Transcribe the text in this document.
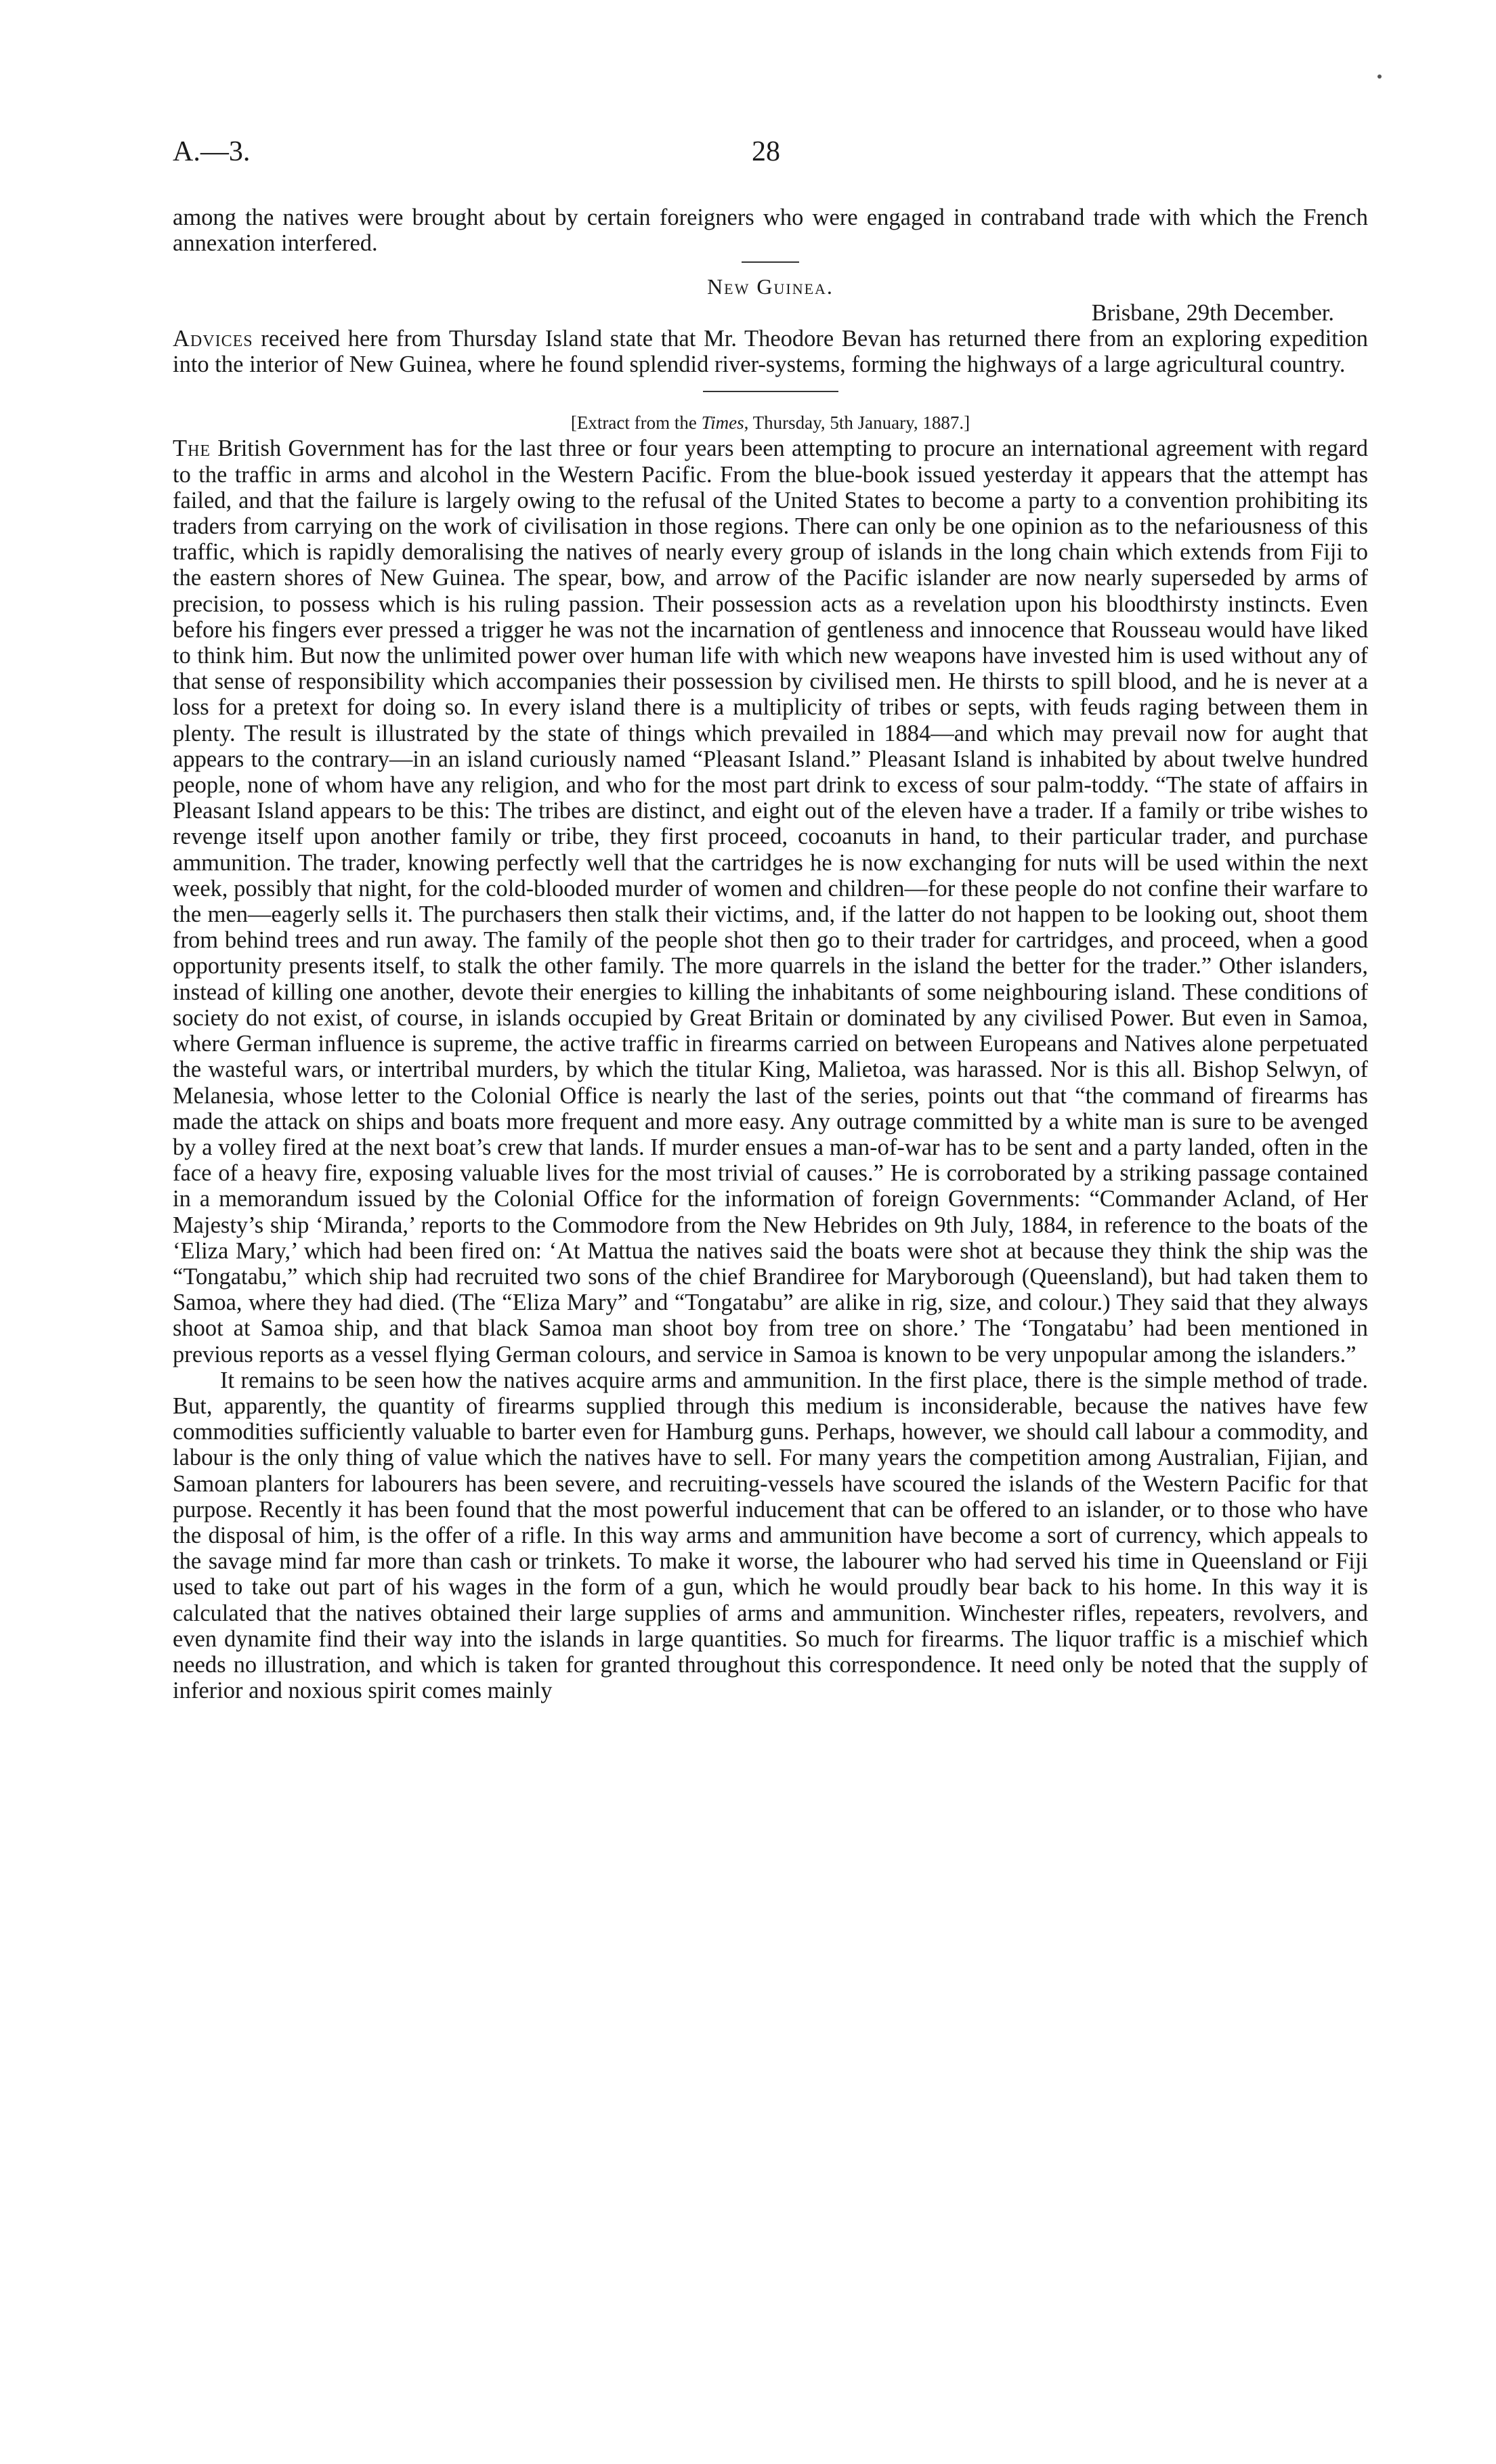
A.—3.	28

among the natives were brought about by certain foreigners who were engaged in contraband trade with which the French annexation interfered.

New Guinea.

Brisbane, 29th December.

Advices received here from Thursday Island state that Mr. Theodore Bevan has returned there from an exploring expedition into the interior of New Guinea, where he found splendid river-systems, forming the highways of a large agricultural country.

[Extract from the Times, Thursday, 5th January, 1887.]

The British Government has for the last three or four years been attempting to procure an international agreement with regard to the traffic in arms and alcohol in the Western Pacific. From the blue-book issued yesterday it appears that the attempt has failed, and that the failure is largely owing to the refusal of the United States to become a party to a convention prohibiting its traders from carrying on the work of civilisation in those regions. There can only be one opinion as to the nefariousness of this traffic, which is rapidly demoralising the natives of nearly every group of islands in the long chain which extends from Fiji to the eastern shores of New Guinea. The spear, bow, and arrow of the Pacific islander are now nearly superseded by arms of precision, to possess which is his ruling passion. Their possession acts as a revelation upon his bloodthirsty instincts. Even before his fingers ever pressed a trigger he was not the incarnation of gentleness and innocence that Rousseau would have liked to think him. But now the unlimited power over human life with which new weapons have invested him is used without any of that sense of responsibility which accompanies their possession by civilised men. He thirsts to spill blood, and he is never at a loss for a pretext for doing so. In every island there is a multiplicity of tribes or septs, with feuds raging between them in plenty. The result is illustrated by the state of things which prevailed in 1884—and which may prevail now for aught that appears to the contrary—in an island curiously named “Pleasant Island.” Pleasant Island is inhabited by about twelve hundred people, none of whom have any religion, and who for the most part drink to excess of sour palm-toddy. “The state of affairs in Pleasant Island appears to be this: The tribes are distinct, and eight out of the eleven have a trader. If a family or tribe wishes to revenge itself upon another family or tribe, they first proceed, cocoanuts in hand, to their particular trader, and purchase ammunition. The trader, knowing perfectly well that the cartridges he is now exchanging for nuts will be used within the next week, possibly that night, for the cold-blooded murder of women and children—for these people do not confine their warfare to the men—eagerly sells it. The purchasers then stalk their victims, and, if the latter do not happen to be looking out, shoot them from behind trees and run away. The family of the people shot then go to their trader for cartridges, and proceed, when a good opportunity presents itself, to stalk the other family. The more quarrels in the island the better for the trader.” Other islanders, instead of killing one another, devote their energies to killing the inhabitants of some neighbouring island. These conditions of society do not exist, of course, in islands occupied by Great Britain or dominated by any civilised Power. But even in Samoa, where German influence is supreme, the active traffic in firearms carried on between Europeans and Natives alone perpetuated the wasteful wars, or intertribal murders, by which the titular King, Malietoa, was harassed. Nor is this all. Bishop Selwyn, of Melanesia, whose letter to the Colonial Office is nearly the last of the series, points out that “the command of firearms has made the attack on ships and boats more frequent and more easy. Any outrage committed by a white man is sure to be avenged by a volley fired at the next boat’s crew that lands. If murder ensues a man-of-war has to be sent and a party landed, often in the face of a heavy fire, exposing valuable lives for the most trivial of causes.” He is corroborated by a striking passage contained in a memorandum issued by the Colonial Office for the information of foreign Governments: “Commander Acland, of Her Majesty’s ship ‘Miranda,’ reports to the Commodore from the New Hebrides on 9th July, 1884, in reference to the boats of the ‘Eliza Mary,’ which had been fired on: ‘At Mattua the natives said the boats were shot at because they think the ship was the “Tongatabu,” which ship had recruited two sons of the chief Brandiree for Maryborough (Queensland), but had taken them to Samoa, where they had died. (The “Eliza Mary” and “Tongatabu” are alike in rig, size, and colour.) They said that they always shoot at Samoa ship, and that black Samoa man shoot boy from tree on shore.’ The ‘Tongatabu’ had been mentioned in previous reports as a vessel flying German colours, and service in Samoa is known to be very unpopular among the islanders.”

It remains to be seen how the natives acquire arms and ammunition. In the first place, there is the simple method of trade. But, apparently, the quantity of firearms supplied through this medium is inconsiderable, because the natives have few commodities sufficiently valuable to barter even for Hamburg guns. Perhaps, however, we should call labour a commodity, and labour is the only thing of value which the natives have to sell. For many years the competition among Australian, Fijian, and Samoan planters for labourers has been severe, and recruiting-vessels have scoured the islands of the Western Pacific for that purpose. Recently it has been found that the most powerful inducement that can be offered to an islander, or to those who have the disposal of him, is the offer of a rifle. In this way arms and ammunition have become a sort of currency, which appeals to the savage mind far more than cash or trinkets. To make it worse, the labourer who had served his time in Queensland or Fiji used to take out part of his wages in the form of a gun, which he would proudly bear back to his home. In this way it is calculated that the natives obtained their large supplies of arms and ammunition. Winchester rifles, repeaters, revolvers, and even dynamite find their way into the islands in large quantities. So much for firearms. The liquor traffic is a mischief which needs no illustration, and which is taken for granted throughout this correspondence. It need only be noted that the supply of inferior and noxious spirit comes mainly
